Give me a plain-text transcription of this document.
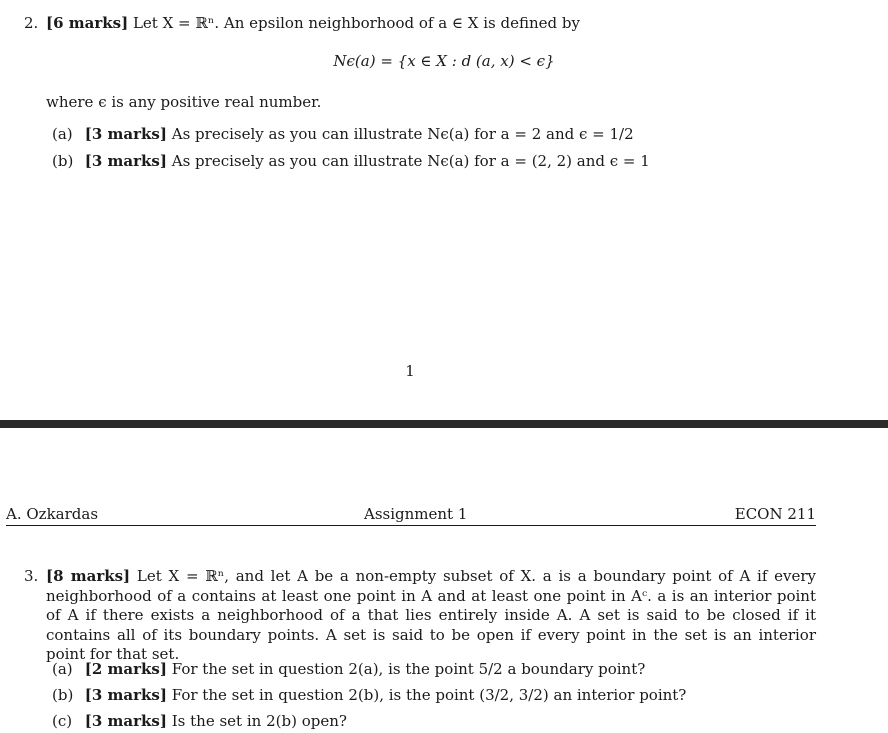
2. [6 marks] Let X = ℝⁿ. An epsilon neighborhood of a ∈ X is defined by
Nϵ(a) = {x ∈ X : d (a, x) < ϵ}
where ϵ is any positive real number.
(a) [3 marks] As precisely as you can illustrate Nϵ(a) for a = 2 and ϵ = 1/2
(b) [3 marks] As precisely as you can illustrate Nϵ(a) for a = (2, 2) and ϵ = 1
1
A. Ozkardas	Assignment 1	ECON 211
3. [8 marks] Let X = ℝⁿ, and let A be a non-empty subset of X. a is a boundary point of A if every neighborhood of a contains at least one point in A and at least one point in Aᶜ. a is an interior point of A if there exists a neighborhood of a that lies entirely inside A. A set is said to be closed if it contains all of its boundary points. A set is said to be open if every point in the set is an interior point for that set.
(a) [2 marks] For the set in question 2(a), is the point 5/2 a boundary point?
(b) [3 marks] For the set in question 2(b), is the point (3/2, 3/2) an interior point?
(c) [3 marks] Is the set in 2(b) open?
